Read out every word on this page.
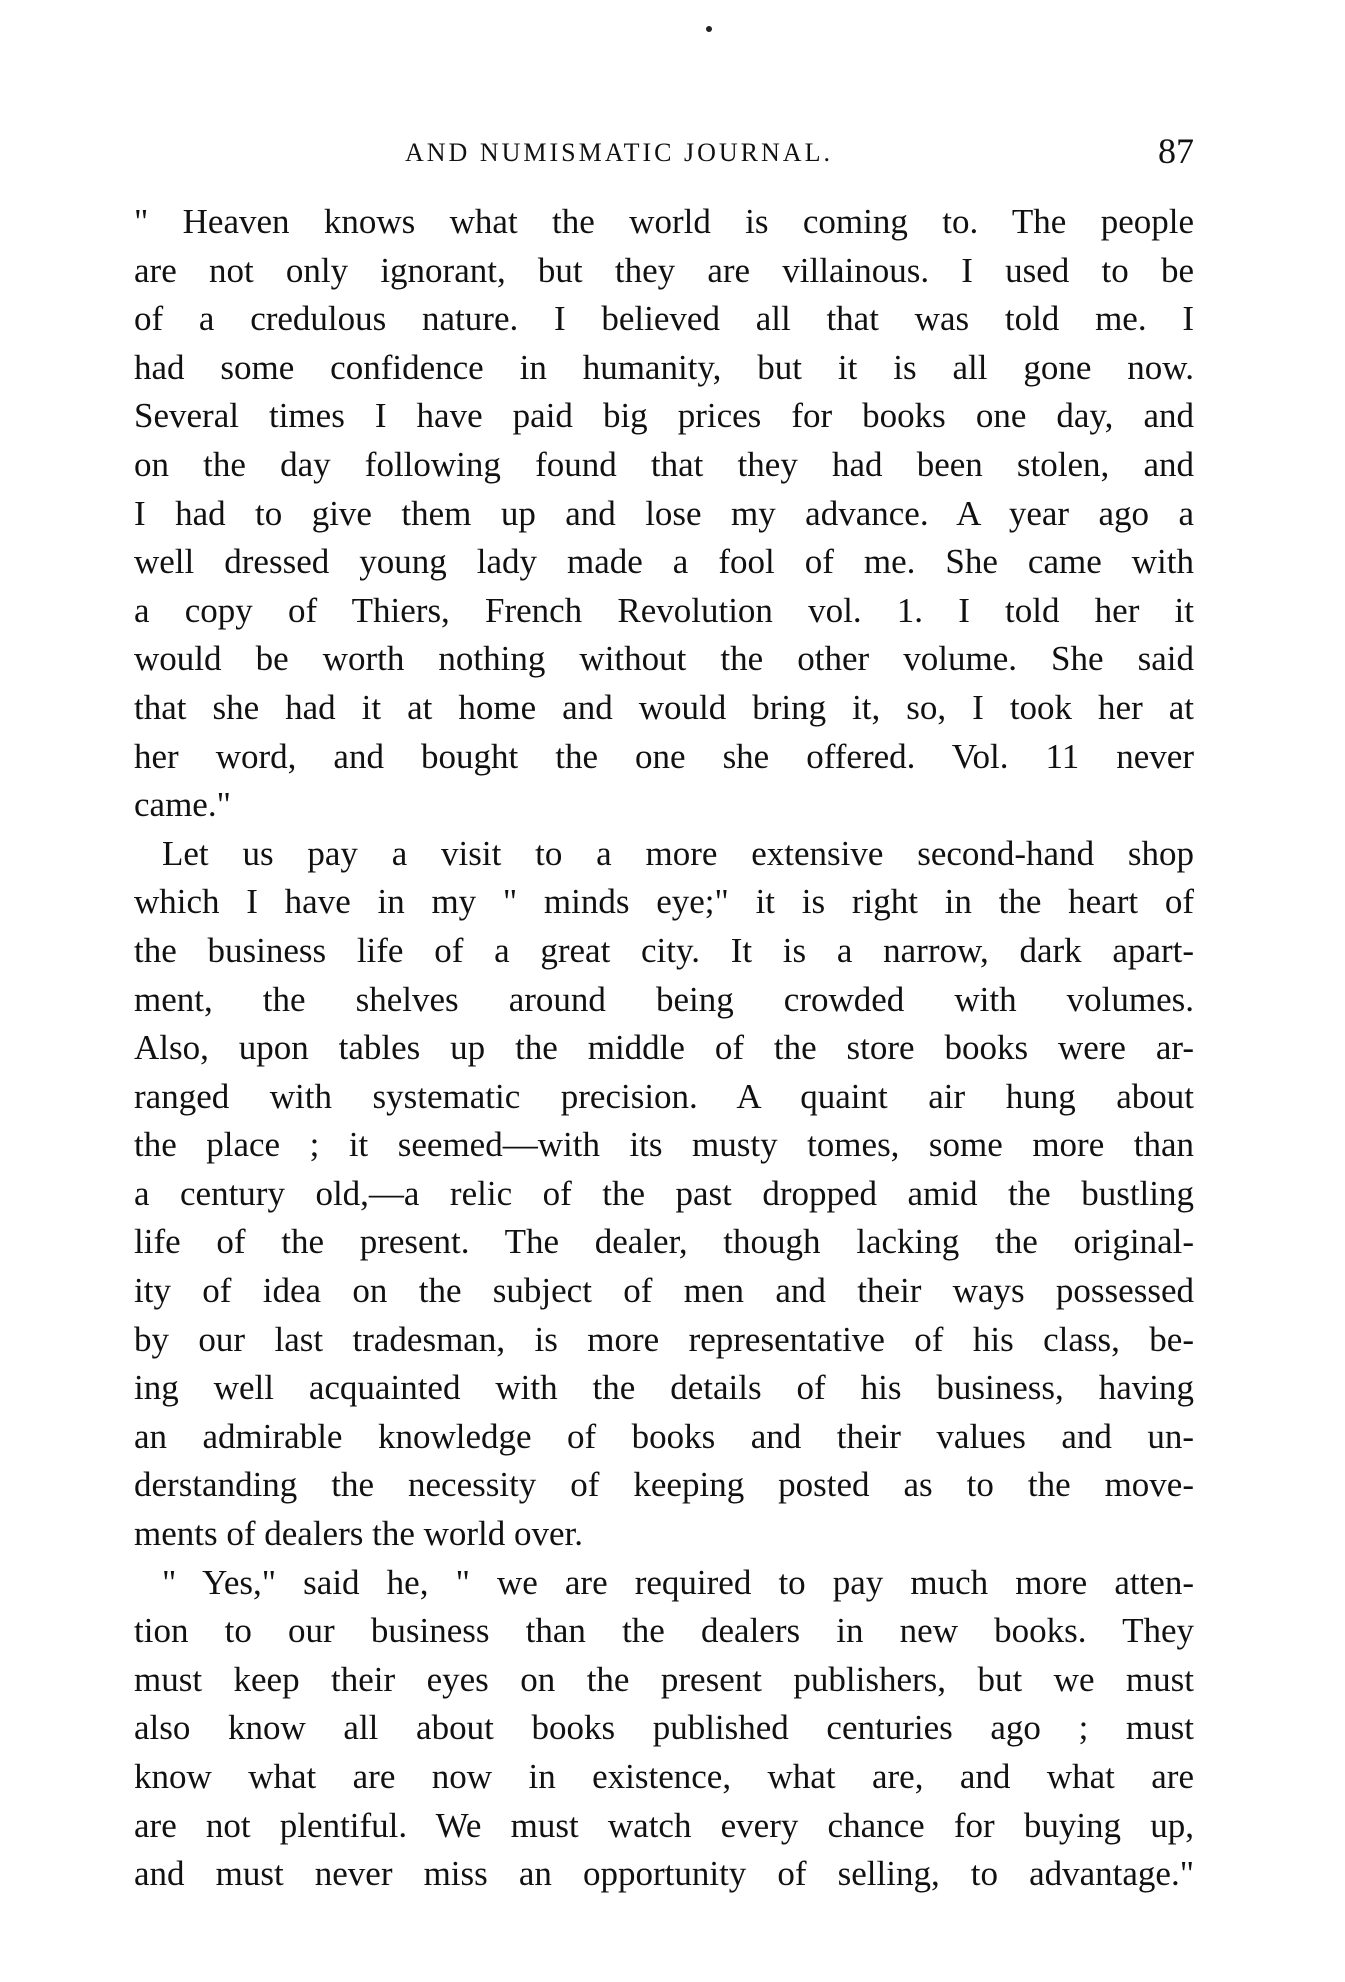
AND NUMISMATIC JOURNAL.	87
" Heaven knows what the world is coming to. The people
are not only ignorant, but they are villainous. I used to be
of a credulous nature. I believed all that was told me. I
had some confidence in humanity, but it is all gone now.
Several times I have paid big prices for books one day, and
on the day following found that they had been stolen, and
I had to give them up and lose my advance. A year ago a
well dressed young lady made a fool of me. She came with
a copy of Thiers, French Revolution vol. 1. I told her it
would be worth nothing without the other volume. She said
that she had it at home and would bring it, so, I took her at
her word, and bought the one she offered. Vol. 11 never
came."
Let us pay a visit to a more extensive second-hand shop
which I have in my " minds eye;" it is right in the heart of
the business life of a great city. It is a narrow, dark apart-
ment, the shelves around being crowded with volumes.
Also, upon tables up the middle of the store books were ar-
ranged with systematic precision. A quaint air hung about
the place ; it seemed—with its musty tomes, some more than
a century old,—a relic of the past dropped amid the bustling
life of the present. The dealer, though lacking the original-
ity of idea on the subject of men and their ways possessed
by our last tradesman, is more representative of his class, be-
ing well acquainted with the details of his business, having
an admirable knowledge of books and their values and un-
derstanding the necessity of keeping posted as to the move-
ments of dealers the world over.
" Yes," said he, " we are required to pay much more atten-
tion to our business than the dealers in new books. They
must keep their eyes on the present publishers, but we must
also know all about books published centuries ago ; must
know what are now in existence, what are, and what are
are not plentiful. We must watch every chance for buying up,
and must never miss an opportunity of selling, to advantage."
